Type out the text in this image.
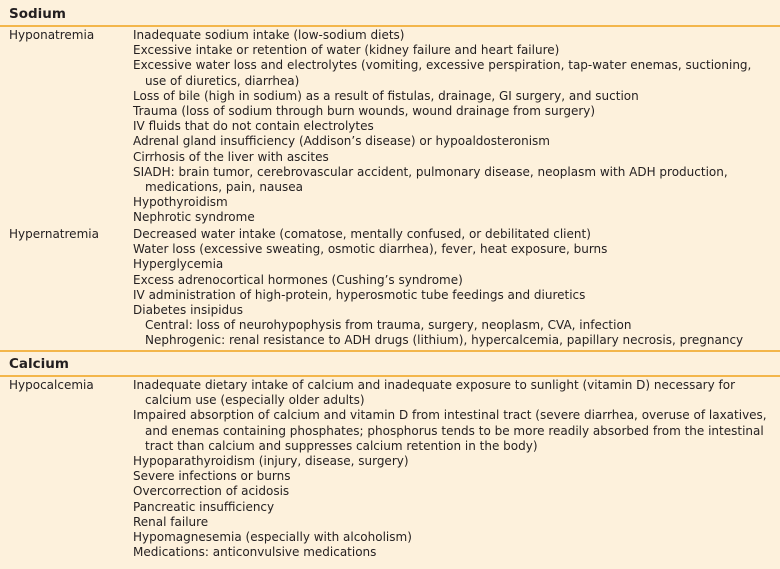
Sodium
Hyponatremia	Inadequate sodium intake (low-sodium diets)
Excessive intake or retention of water (kidney failure and heart failure)
Excessive water loss and electrolytes (vomiting, excessive perspiration, tap-water enemas, suctioning, use of diuretics, diarrhea)
Loss of bile (high in sodium) as a result of fistulas, drainage, GI surgery, and suction
Trauma (loss of sodium through burn wounds, wound drainage from surgery)
IV fluids that do not contain electrolytes
Adrenal gland insufficiency (Addison’s disease) or hypoaldosteronism
Cirrhosis of the liver with ascites
SIADH: brain tumor, cerebrovascular accident, pulmonary disease, neoplasm with ADH production, medications, pain, nausea
Hypothyroidism
Nephrotic syndrome
Hypernatremia	Decreased water intake (comatose, mentally confused, or debilitated client)
Water loss (excessive sweating, osmotic diarrhea), fever, heat exposure, burns
Hyperglycemia
Excess adrenocortical hormones (Cushing’s syndrome)
IV administration of high-protein, hyperosmotic tube feedings and diuretics
Diabetes insipidus
Central: loss of neurohypophysis from trauma, surgery, neoplasm, CVA, infection
Nephrogenic: renal resistance to ADH drugs (lithium), hypercalcemia, papillary necrosis, pregnancy
Calcium
Hypocalcemia	Inadequate dietary intake of calcium and inadequate exposure to sunlight (vitamin D) necessary for calcium use (especially older adults)
Impaired absorption of calcium and vitamin D from intestinal tract (severe diarrhea, overuse of laxatives, and enemas containing phosphates; phosphorus tends to be more readily absorbed from the intestinal tract than calcium and suppresses calcium retention in the body)
Hypoparathyroidism (injury, disease, surgery)
Severe infections or burns
Overcorrection of acidosis
Pancreatic insufficiency
Renal failure
Hypomagnesemia (especially with alcoholism)
Medications: anticonvulsive medications
